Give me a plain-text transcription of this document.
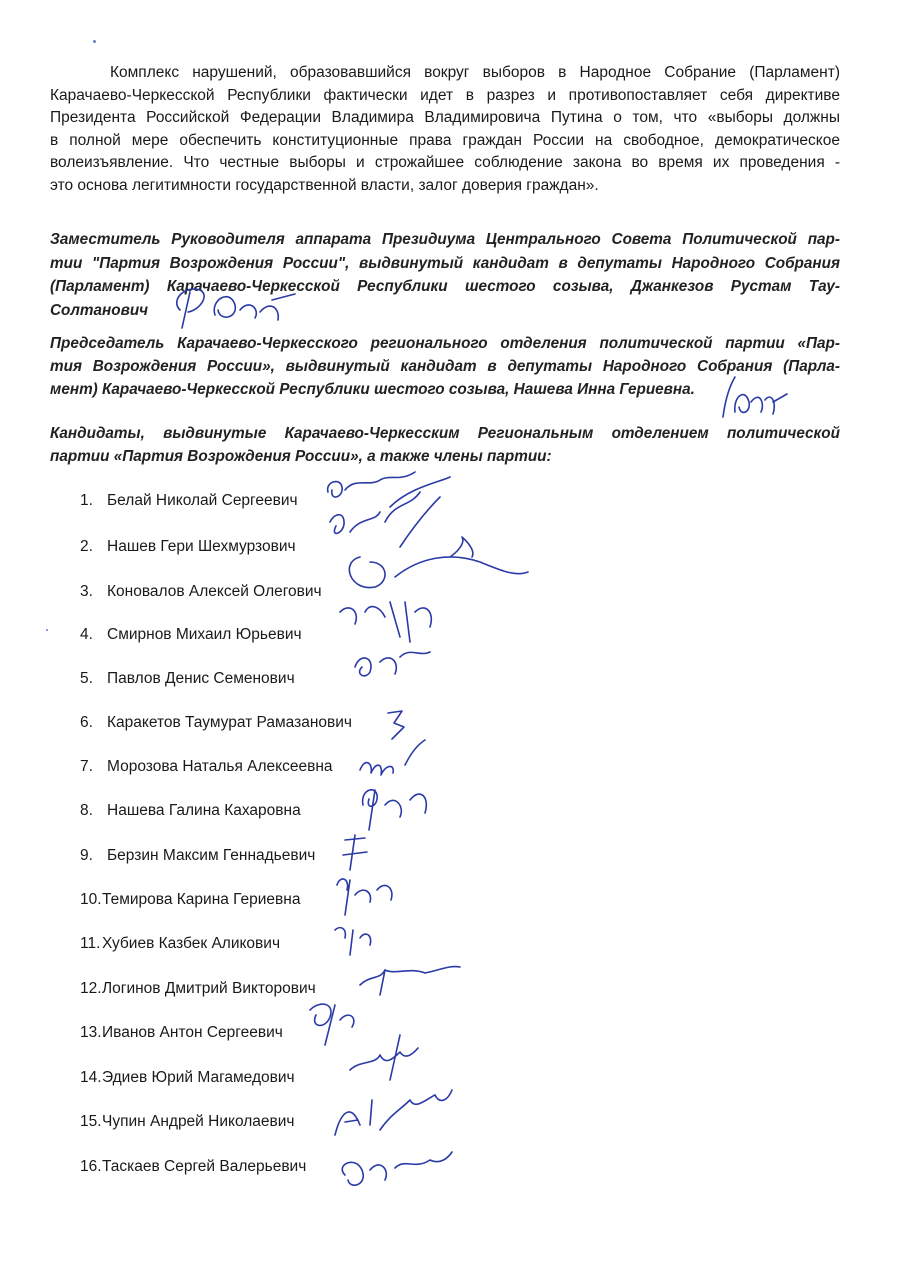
Комплекс нарушений, образовавшийся вокруг выборов в Народное Собрание (Парламент)
Карачаево-Черкесской Республики фактически идет в разрез и противопоставляет себя директиве
Президента Российской Федерации Владимира Владимировича Путина о том, что «выборы должны
в полной мере обеспечить конституционные права граждан России на свободное, демократическое
волеизъявление. Что честные выборы и строжайшее соблюдение закона во время их проведения -
это основа легитимности государственной власти, залог доверия граждан».
Заместитель Руководителя аппарата Президиума Центрального Совета Политической пар-
тии "Партия Возрождения России", выдвинутый кандидат в депутаты Народного Собрания
(Парламент) Карачаево-Черкесской Республики шестого созыва, Джанкезов Рустам Тау-
Солтанович
Председатель Карачаево-Черкесского регионального отделения политической партии «Пар-
тия Возрождения России», выдвинутый кандидат в депутаты Народного Собрания (Парла-
мент) Карачаево-Черкесской Республики шестого созыва, Нашева Инна Гериевна.
Кандидаты, выдвинутые Карачаево-Черкесским Региональным отделением политической
партии «Партия Возрождения России», а также члены партии:
1. Белай Николай Сергеевич
2. Нашев Гери Шехмурзович
3. Коновалов Алексей Олегович
4. Смирнов Михаил Юрьевич
5. Павлов Денис Семенович
6. Каракетов Таумурат Рамазанович
7. Морозова Наталья Алексеевна
8. Нашева Галина Кахаровна
9. Берзин Максим Геннадьевич
10.Темирова Карина Гериевна
11. Хубиев Казбек Аликович
12.Логинов Дмитрий Викторович
13.Иванов Антон Сергеевич
14.Эдиев Юрий Магамедович
15.Чупин Андрей Николаевич
16.Таскаев Сергей Валерьевич
